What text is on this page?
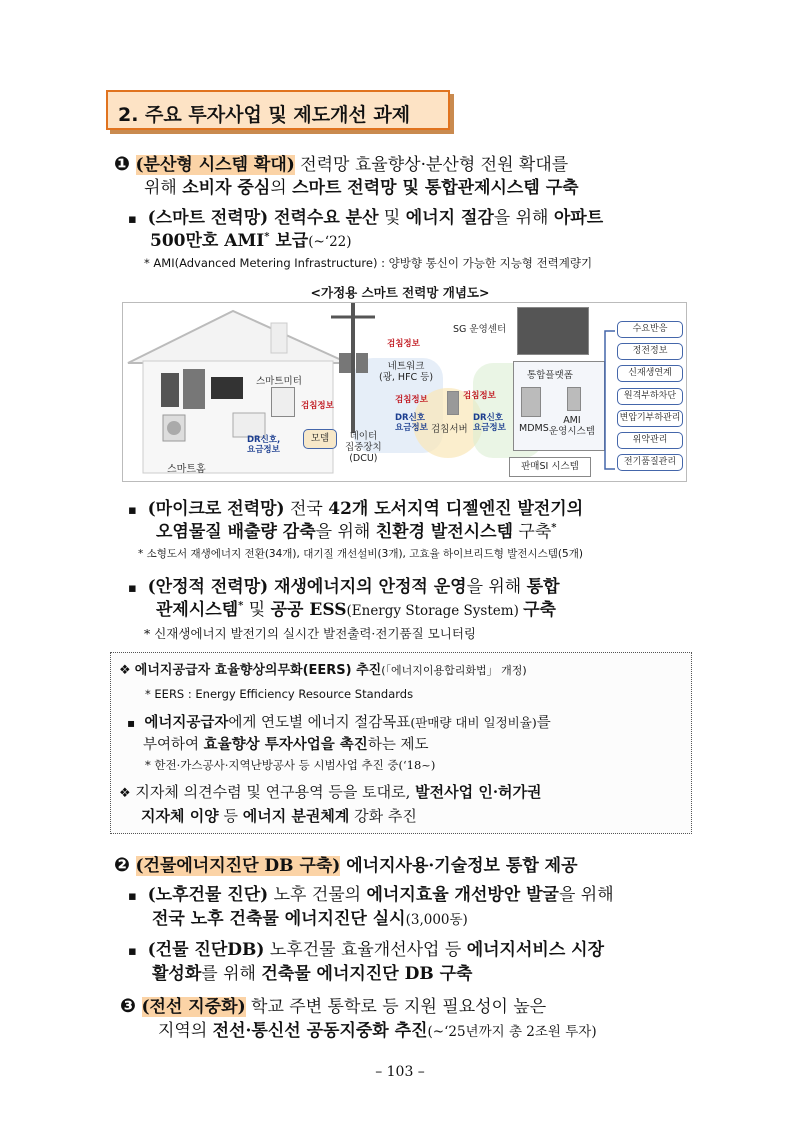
2. 주요 투자사업 및 제도개선 과제
❶ (분산형 시스템 확대) 전력망 효율향상·분산형 전원 확대를
위해 소비자 중심의 스마트 전력망 및 통합관제시스템 구축
▪ (스마트 전력망) 전력수요 분산 및 에너지 절감을 위해 아파트
500만호 AMI* 보급(~‘22)
* AMI(Advanced Metering Infrastructure) : 양방향 통신이 가능한 지능형 전력계량기
<가정용 스마트 전력망 개념도>
스마트홈
스마트미터
검침정보
DR신호,
요금정보
모뎀	데이터
집중장치
(DCU)
검침정보
네트워크
(광, HFC 등)
DR신호
요금정보
검침정보
검침서버
DR신호
요금정보
검침정보
SG 운영센터
통합플랫폼
MDMS
AMI
운영시스템
판매SI 시스템
수요반응
정전정보
신재생연계
원격부하차단
변압기부하관리
위약관리
전기품질관리
▪ (마이크로 전력망) 전국 42개 도서지역 디젤엔진 발전기의
오염물질 배출량 감축을 위해 친환경 발전시스템 구축*
* 소형도서 재생에너지 전환(34개), 대기질 개선설비(3개), 고효율 하이브리드형 발전시스템(5개)
▪ (안정적 전력망) 재생에너지의 안정적 운영을 위해 통합
관제시스템* 및 공공 ESS(Energy Storage System) 구축
* 신재생에너지 발전기의 실시간 발전출력·전기품질 모니터링
❖ 에너지공급자 효율향상의무화(EERS) 추진(「에너지이용합리화법」 개정)
* EERS : Energy Efficiency Resource Standards
▪ 에너지공급자에게 연도별 에너지 절감목표(판매량 대비 일정비율)를
부여하여 효율향상 투자사업을 촉진하는 제도
* 한전·가스공사·지역난방공사 등 시범사업 추진 중(‘18~)
❖ 지자체 의견수렴 및 연구용역 등을 토대로, 발전사업 인·허가권
지자체 이양 등 에너지 분권체계 강화 추진
❷ (건물에너지진단 DB 구축) 에너지사용·기술정보 통합 제공
▪ (노후건물 진단) 노후 건물의 에너지효율 개선방안 발굴을 위해
전국 노후 건축물 에너지진단 실시(3,000동)
▪ (건물 진단DB) 노후건물 효율개선사업 등 에너지서비스 시장
활성화를 위해 건축물 에너지진단 DB 구축
❸ (전선 지중화) 학교 주변 통학로 등 지원 필요성이 높은
지역의 전선·통신선 공동지중화 추진(~‘25년까지 총 2조원 투자)
– 103 –
